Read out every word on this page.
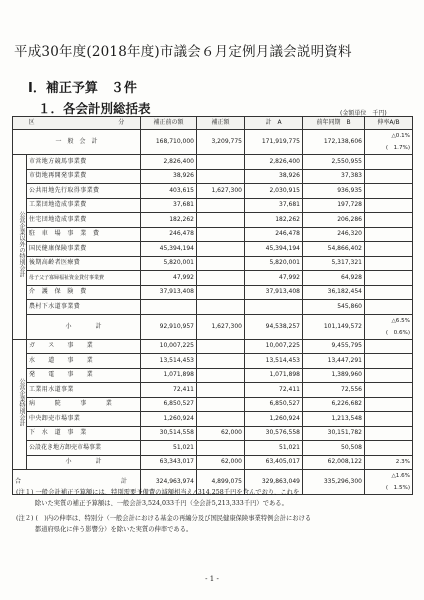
平成30年度(2018年度)市議会６月定例月議会説明資料
Ⅰ．補正予算　３件
１．各会計別総括表	(金額単位　千円)
区 分		補正前の額	補正額	計　A	前年同期　B	伸率A/B
一　般　会　計		168,710,000	3,209,775	171,919,775	172,138,606	△0.1%
(　1.7%)

公営企業以外の特別会計	市営地方競馬事業費	2,826,400		2,826,400	2,550,955	
	市街地再開発事業費	38,926		38,926	37,383	
	公共用地先行取得事業費	403,615	1,627,300	2,030,915	936,935	
	工業団地造成事業費	37,681		37,681	197,728	
	住宅団地造成事業費	182,262		182,262	206,286	
	駐　車　場　事　業　費	246,478		246,478	246,320	
	国民健康保険事業費	45,394,194		45,394,194	54,866,402	
	後期高齢者医療費	5,820,001		5,820,001	5,317,321	
	母子父子寡婦福祉資金貸付事業費	47,992		47,992	64,928	
	介　護　保　険　費	37,913,408		37,913,408	36,182,454	
	農村下水道事業費				545,860	
	小　　　　計	92,910,957	1,627,300	94,538,257	101,149,572	△6.5%
(　0.6%)

公営企業特別会計	ガ　　ス　　事　　業	10,007,225		10,007,225	9,455,795	
	水　　道　　事　　業	13,514,453		13,514,453	13,447,291	
	発　　電　　事　　業	1,071,898		1,071,898	1,389,960	
	工業用水道事業	72,411		72,411	72,556	
	病　　　院　　　事　　　業	6,850,527		6,850,527	6,226,682	
	中央卸売市場事業	1,260,924		1,260,924	1,213,548	
	下　水　道　事　業	30,514,558	62,000	30,576,558	30,151,782	
	公設花き地方卸売市場事業	51,021		51,021	50,508	
	小　　　　計	63,343,017	62,000	63,405,017	62,008,122	2.3%

合 計		324,963,974	4,899,075	329,863,049	335,296,300	△1.6%
(　1.5%)
(注１) 一般会計補正予算額には、特別需要予備費の減額相当え△314,258千円を含んでおり、これを
　　　除いた実質の補正予算額は、一般会計3,524,033千円（全会計5,213,333千円）である。
(注２) (　)内の伸率は、特別分（一般会計における基金の再編分及び国民健康保険事業特例会計における
　　　都道府県化に伴う影響分）を除いた実質の伸率である。
- 1 -
